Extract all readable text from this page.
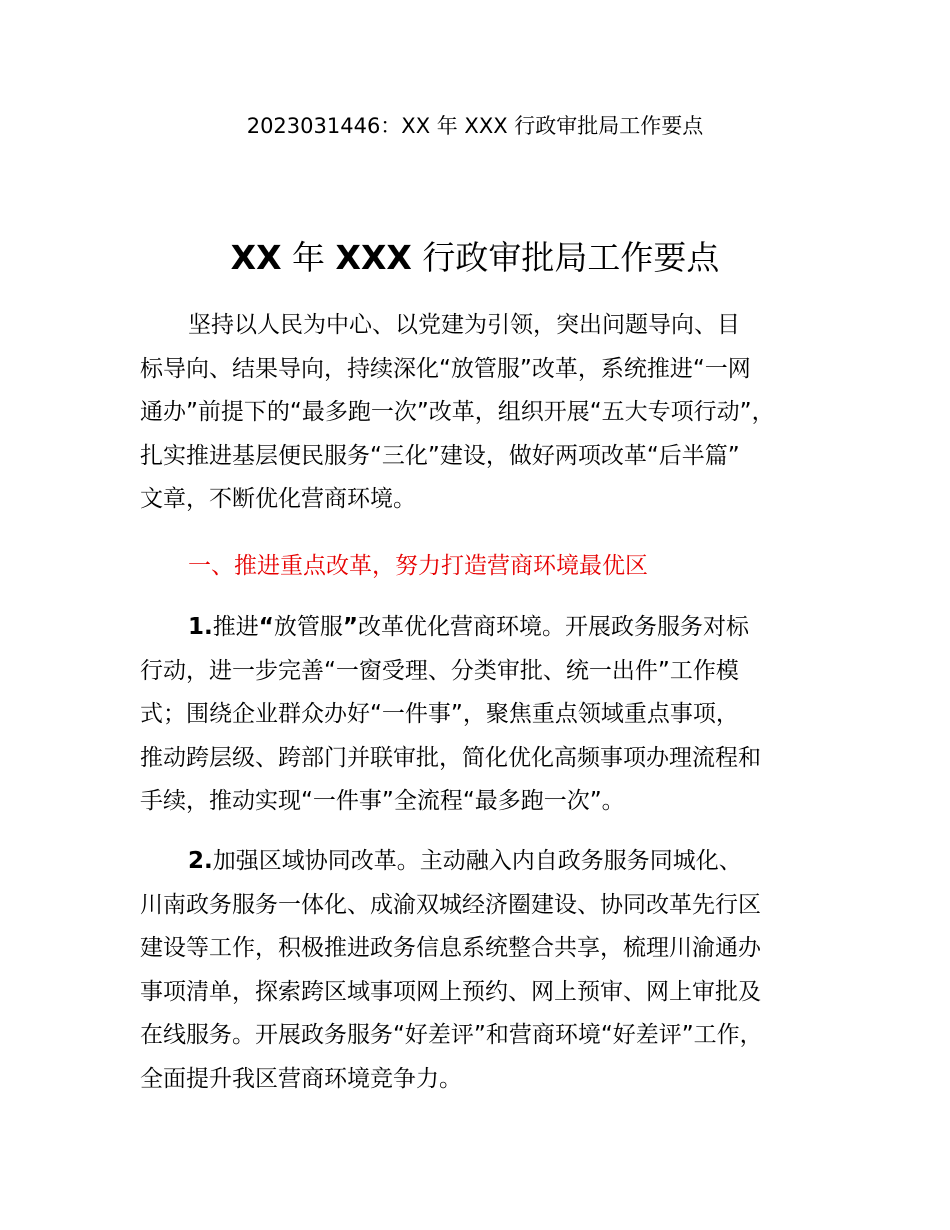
2023031446：XX 年 XXX 行政审批局工作要点
XX 年 XXX 行政审批局工作要点
坚持以人民为中心、以党建为引领，突出问题导向、目
标导向、结果导向，持续深化“放管服”改革，系统推进“一网
通办”前提下的“最多跑一次”改革，组织开展“五大专项行动”，
扎实推进基层便民服务“三化”建设，做好两项改革“后半篇”
文章，不断优化营商环境。
一、推进重点改革，努力打造营商环境最优区
1.推进“放管服”改革优化营商环境。开展政务服务对标
行动，进一步完善“一窗受理、分类审批、统一出件”工作模
式；围绕企业群众办好“一件事”，聚焦重点领域重点事项，
推动跨层级、跨部门并联审批，简化优化高频事项办理流程和
手续，推动实现“一件事”全流程“最多跑一次”。
2.加强区域协同改革。主动融入内自政务服务同城化、
川南政务服务一体化、成渝双城经济圈建设、协同改革先行区
建设等工作，积极推进政务信息系统整合共享，梳理川渝通办
事项清单，探索跨区域事项网上预约、网上预审、网上审批及
在线服务。开展政务服务“好差评”和营商环境“好差评”工作，
全面提升我区营商环境竞争力。
